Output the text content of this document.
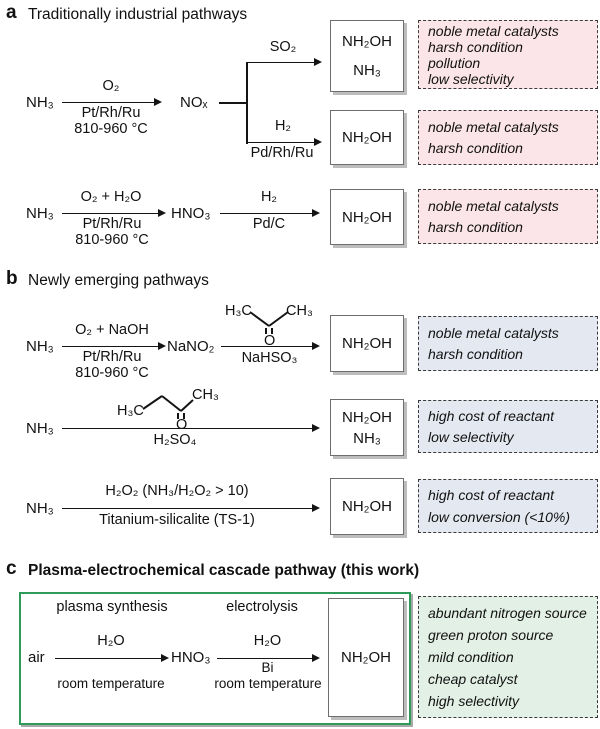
a Traditionally industrial pathways
NH₃
O₂
Pt/Rh/Ru
810-960 °C
NOₓ
SO₂
H₂
Pd/Rh/Ru
NH₂OH
NH₃
NH₂OH
noble metal catalysts
harsh condition
pollution
low selectivity
noble metal catalysts
harsh condition
NH₃
O₂ + H₂O
Pt/Rh/Ru
810-960 °C
HNO₃
H₂
Pd/C	NH₂OH
noble metal catalysts
harsh condition
b Newly emerging pathways
NH₃
O₂ + NaOH
Pt/Rh/Ru
810-960 °C
NaNO₂
H₃C CH₃
O
NaHSO₃
NH₂OH
noble metal catalysts
harsh condition
NH₃
H₃C
CH₃
O
H₂SO₄
NH₂OH
NH₃
high cost of reactant
low selectivity
NH₃
H₂O₂ (NH₃/H₂O₂ > 10)
Titanium-silicalite (TS-1)
NH₂OH
high cost of reactant
low conversion (<10%)
c Plasma-electrochemical cascade pathway (this work)
plasma synthesis	electrolysis
air
H₂O
room temperature
HNO₃
H₂O
Bi
room temperature
NH₂OH
abundant nitrogen source
green proton source
mild condition
cheap catalyst
high selectivity
